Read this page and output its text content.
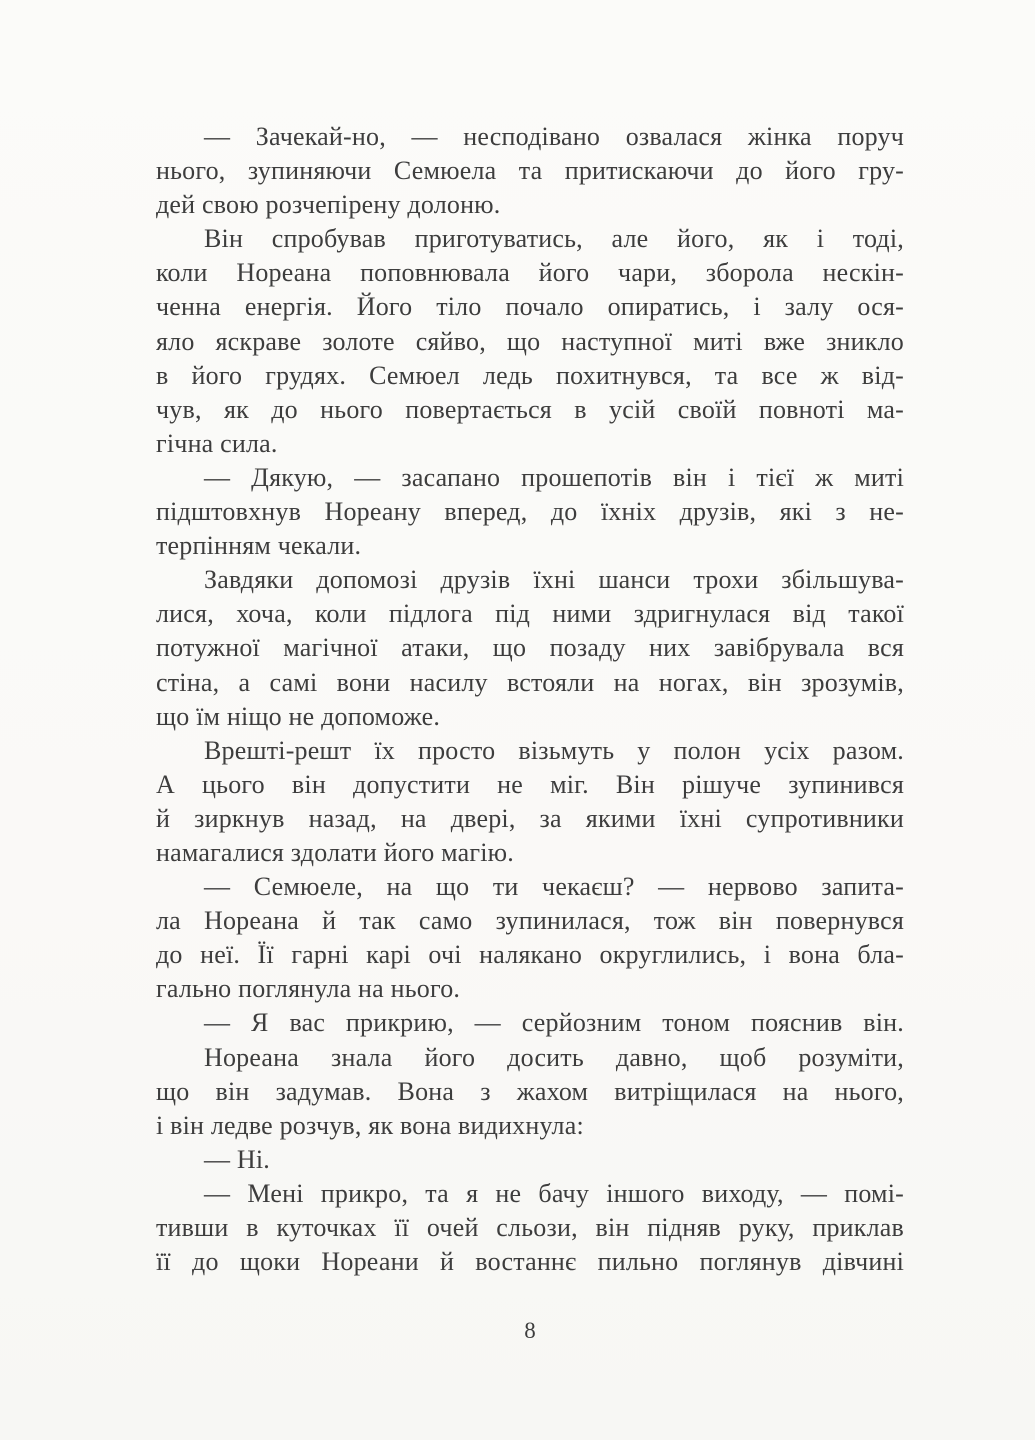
— Зачекай-но, — несподівано озвалася жінка поруч
нього, зупиняючи Семюела та притискаючи до його гру-
дей свою розчепірену долоню.
Він спробував приготуватись, але його, як і тоді,
коли Нореана поповнювала його чари, зборола нескін-
ченна енергія. Його тіло почало опиратись, і залу ося-
яло яскраве золоте сяйво, що наступної миті вже зникло
в його грудях. Семюел ледь похитнувся, та все ж від-
чув, як до нього повертається в усій своїй повноті ма-
гічна сила.
— Дякую, — засапано прошепотів він і тієї ж миті
підштовхнув Нореану вперед, до їхніх друзів, які з не-
терпінням чекали.
Завдяки допомозі друзів їхні шанси трохи збільшува-
лися, хоча, коли підлога під ними здригнулася від такої
потужної магічної атаки, що позаду них завібрувала вся
стіна, а самі вони насилу встояли на ногах, він зрозумів,
що їм ніщо не допоможе.
Врешті-решт їх просто візьмуть у полон усіх разом.
А цього він допустити не міг. Він рішуче зупинився
й зиркнув назад, на двері, за якими їхні супротивники
намагалися здолати його магію.
— Семюеле, на що ти чекаєш? — нервово запита-
ла Нореана й так само зупинилася, тож він повернувся
до неї. Її гарні карі очі налякано округлились, і вона бла-
гально поглянула на нього.
— Я вас прикрию, — серйозним тоном пояснив він.
Нореана знала його досить давно, щоб розуміти,
що він задумав. Вона з жахом витріщилася на нього,
і він ледве розчув, як вона видихнула:
— Ні.
— Мені прикро, та я не бачу іншого виходу, — помі-
тивши в куточках її очей сльози, він підняв руку, приклав
її до щоки Нореани й востаннє пильно поглянув дівчині
8
